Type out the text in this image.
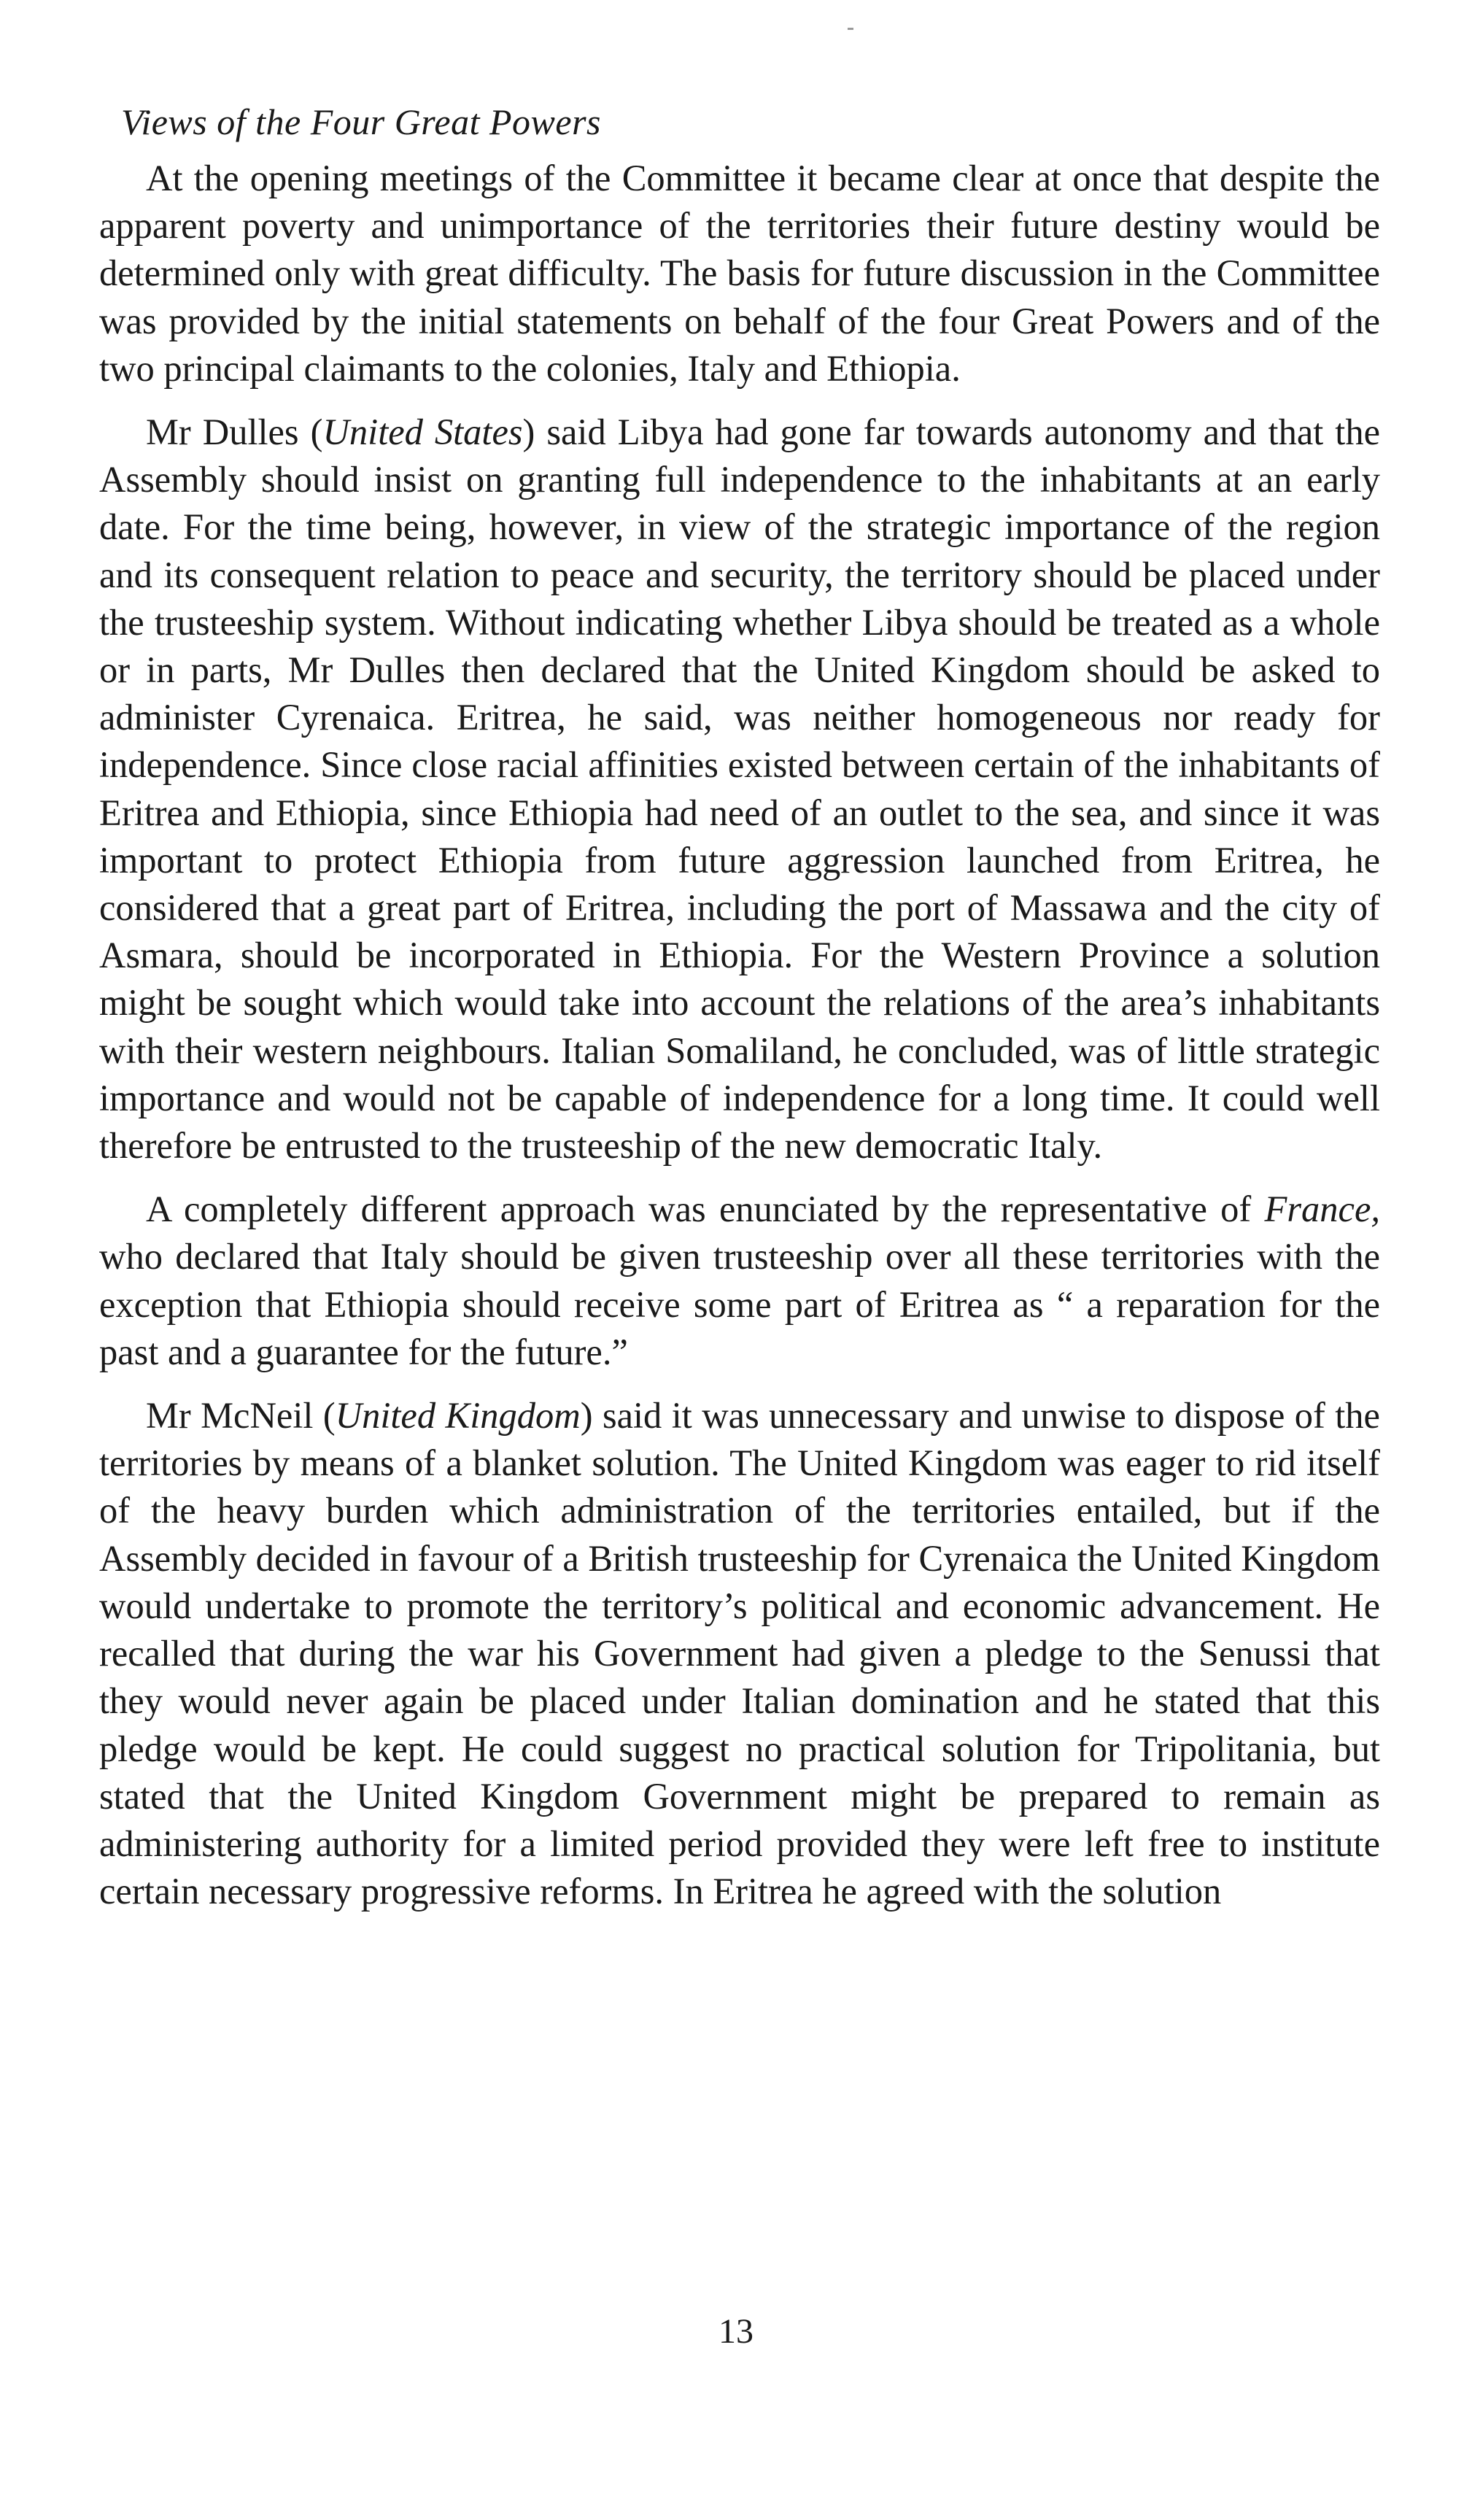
Views of the Four Great Powers

At the opening meetings of the Committee it became clear at once that despite the apparent poverty and unimportance of the territories their future destiny would be determined only with great difficulty. The basis for future discussion in the Committee was provided by the initial statements on behalf of the four Great Powers and of the two principal claimants to the colonies, Italy and Ethiopia.

Mr Dulles (United States) said Libya had gone far towards autonomy and that the Assembly should insist on granting full independence to the inhabitants at an early date. For the time being, however, in view of the strategic importance of the region and its consequent relation to peace and security, the territory should be placed under the trusteeship system. Without indicating whether Libya should be treated as a whole or in parts, Mr Dulles then declared that the United Kingdom should be asked to administer Cyrenaica. Eritrea, he said, was neither homogeneous nor ready for independence. Since close racial affinities existed between certain of the inhabitants of Eritrea and Ethiopia, since Ethiopia had need of an outlet to the sea, and since it was important to protect Ethiopia from future aggression launched from Eritrea, he considered that a great part of Eritrea, including the port of Massawa and the city of Asmara, should be incorporated in Ethiopia. For the Western Province a solution might be sought which would take into account the relations of the area’s inhabitants with their western neighbours. Italian Somaliland, he concluded, was of little strategic importance and would not be capable of independence for a long time. It could well therefore be entrusted to the trusteeship of the new democratic Italy.

A completely different approach was enunciated by the representative of France, who declared that Italy should be given trusteeship over all these territories with the exception that Ethiopia should receive some part of Eritrea as “ a reparation for the past and a guarantee for the future.”

Mr McNeil (United Kingdom) said it was unnecessary and unwise to dispose of the territories by means of a blanket solution. The United Kingdom was eager to rid itself of the heavy burden which administration of the territories entailed, but if the Assembly decided in favour of a British trusteeship for Cyrenaica the United Kingdom would undertake to promote the territory’s political and economic advancement. He recalled that during the war his Government had given a pledge to the Senussi that they would never again be placed under Italian domination and he stated that this pledge would be kept. He could suggest no practical solution for Tripolitania, but stated that the United Kingdom Government might be prepared to remain as administering authority for a limited period provided they were left free to institute certain necessary progressive reforms. In Eritrea he agreed with the solution

13
